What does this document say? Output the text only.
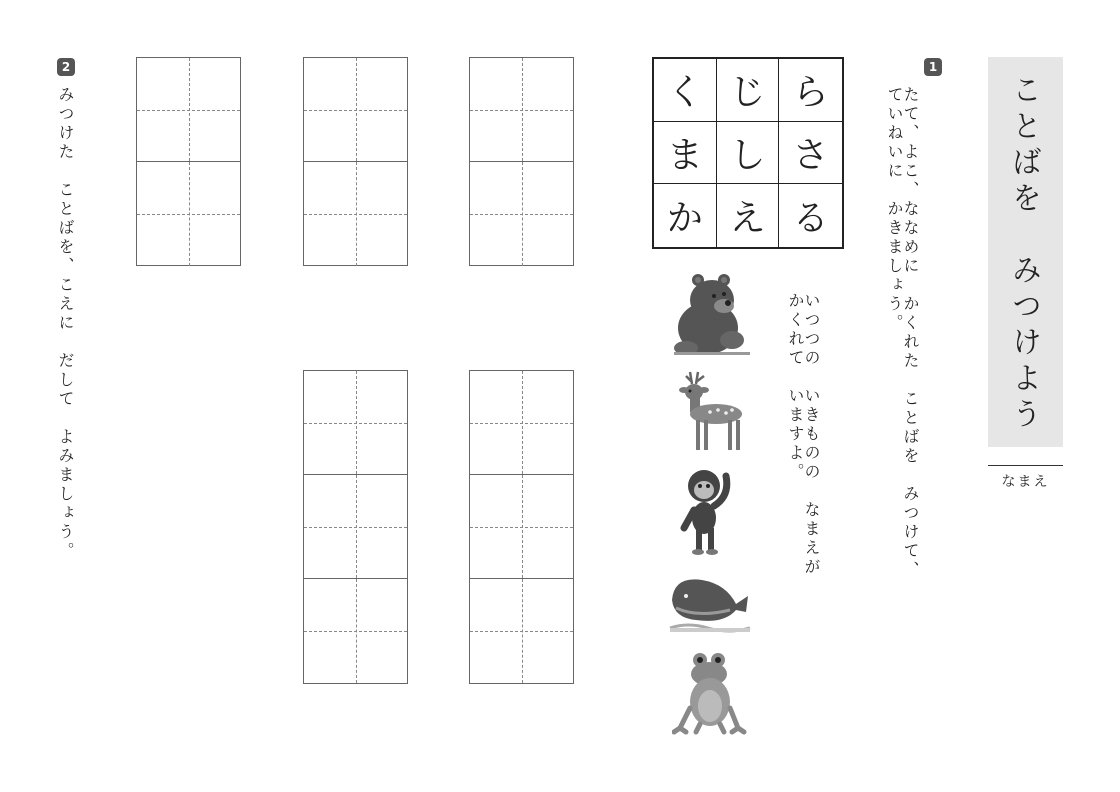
ことばを　みつけよう
なまえ
1
たて、よこ、ななめに　かくれた　ことばを　みつけて、
ていねいに　かきましょう。
いつつの　いきものの　なまえが
かくれて　いますよ。
く じ ら
ま し さ
か え る
2
みつけた　ことばを、こえに　だして　よみましょう。
